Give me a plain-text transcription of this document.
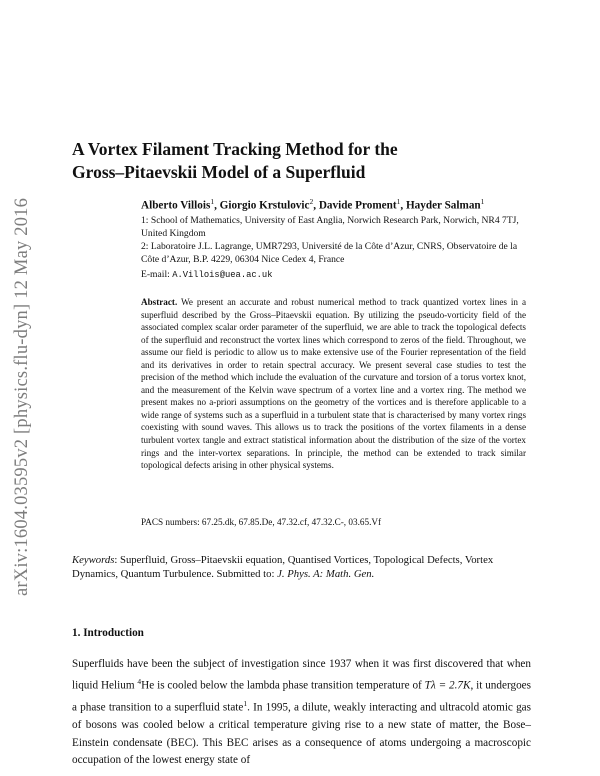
arXiv:1604.03595v2 [physics.flu-dyn] 12 May 2016
A Vortex Filament Tracking Method for the
Gross–Pitaevskii Model of a Superfluid
Alberto Villois$^1$, Giorgio Krstulovic$^2$, Davide Proment$^1$, Hayder Salman$^1$
1: School of Mathematics, University of East Anglia, Norwich Research Park, Norwich, NR4 7TJ, United Kingdom
2: Laboratoire J.L. Lagrange, UMR7293, Université de la Côte d’Azur, CNRS, Observatoire de la Côte d’Azur, B.P. 4229, 06304 Nice Cedex 4, France
E-mail: A.Villois@uea.ac.uk
Abstract. We present an accurate and robust numerical method to track quantized vortex lines in a superfluid described by the Gross–Pitaevskii equation. By utilizing the pseudo-vorticity field of the associated complex scalar order parameter of the superfluid, we are able to track the topological defects of the superfluid and reconstruct the vortex lines which correspond to zeros of the field. Throughout, we assume our field is periodic to allow us to make extensive use of the Fourier representation of the field and its derivatives in order to retain spectral accuracy. We present several case studies to test the precision of the method which include the evaluation of the curvature and torsion of a torus vortex knot, and the measurement of the Kelvin wave spectrum of a vortex line and a vortex ring. The method we present makes no a-priori assumptions on the geometry of the vortices and is therefore applicable to a wide range of systems such as a superfluid in a turbulent state that is characterised by many vortex rings coexisting with sound waves. This allows us to track the positions of the vortex filaments in a dense turbulent vortex tangle and extract statistical information about the distribution of the size of the vortex rings and the inter-vortex separations. In principle, the method can be extended to track similar topological defects arising in other physical systems.
PACS numbers: 67.25.dk, 67.85.De, 47.32.cf, 47.32.C-, 03.65.Vf
Keywords: Superfluid, Gross–Pitaevskii equation, Quantised Vortices, Topological Defects, Vortex Dynamics, Quantum Turbulence. Submitted to: J. Phys. A: Math. Gen.
1. Introduction
Superfluids have been the subject of investigation since 1937 when it was first discovered that when liquid Helium $^4$He is cooled below the lambda phase transition temperature of Tλ = 2.7K, it undergoes a phase transition to a superfluid state$^1$. In 1995, a dilute, weakly interacting and ultracold atomic gas of bosons was cooled below a critical temperature giving rise to a new state of matter, the Bose–Einstein condensate (BEC). This BEC arises as a consequence of atoms undergoing a macroscopic occupation of the lowest energy state of
